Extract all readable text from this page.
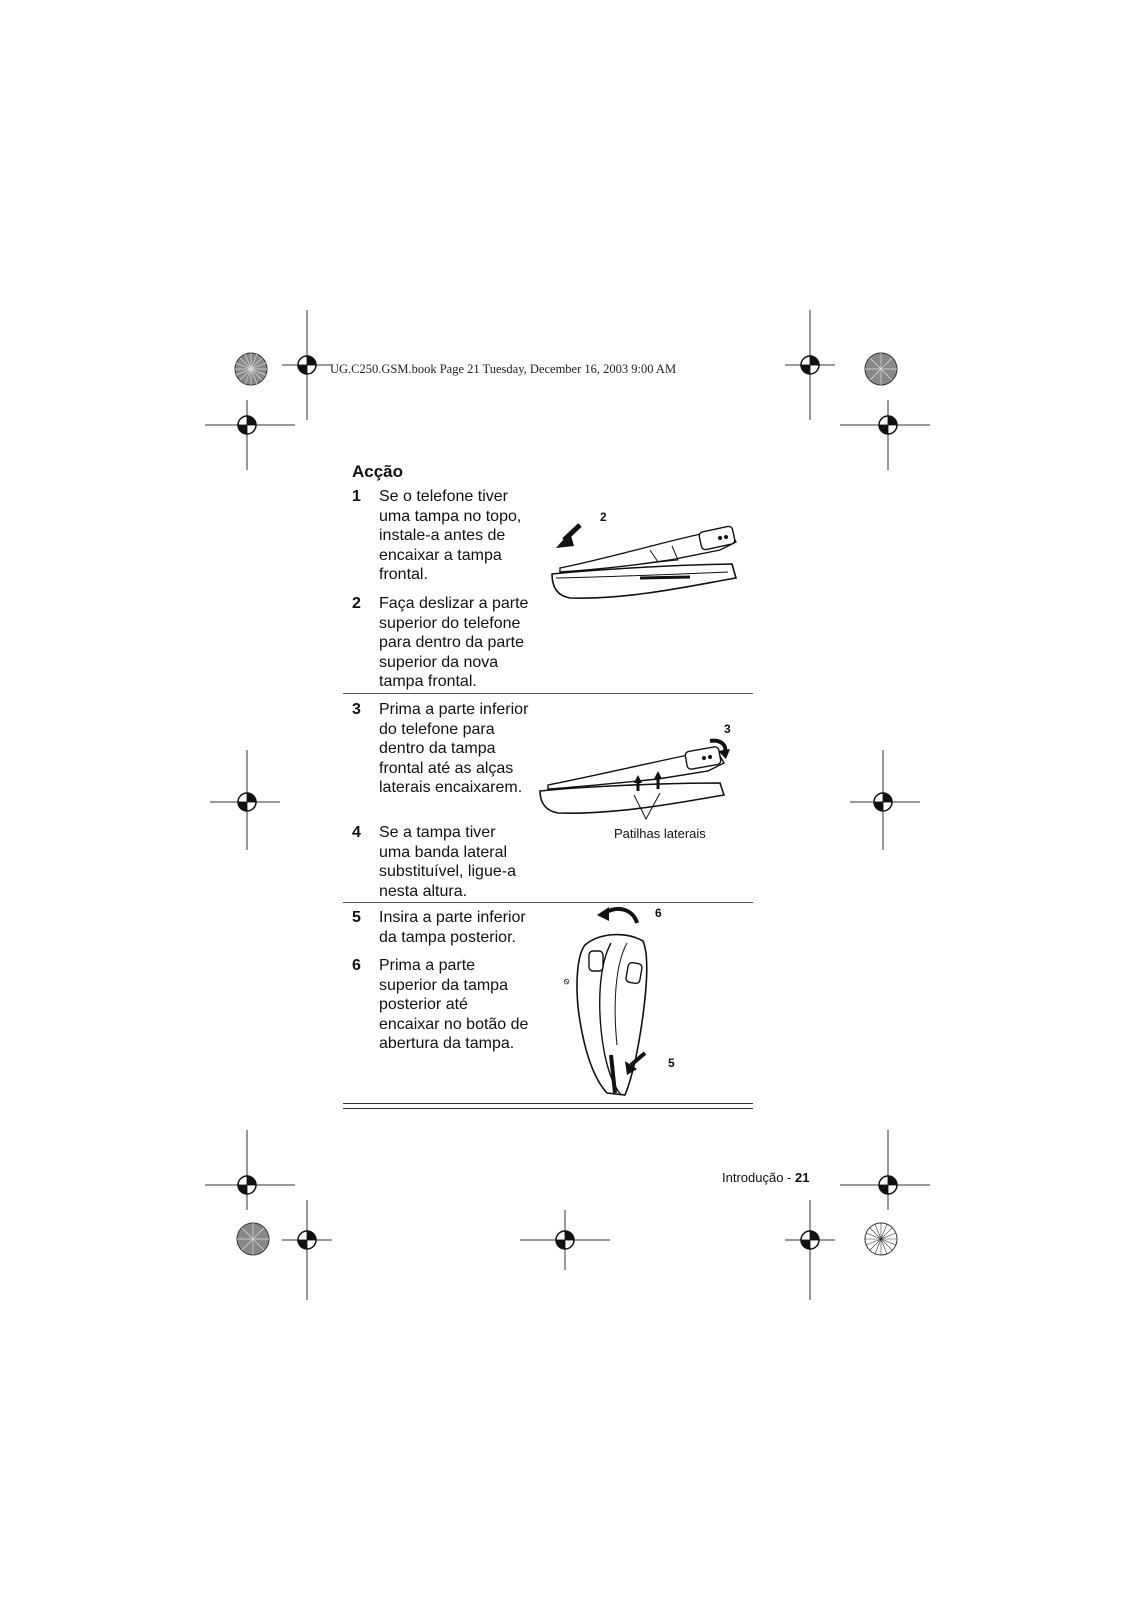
UG.C250.GSM.book Page 21 Tuesday, December 16, 2003 9:00 AM
Acção
1	Se o telefone tiver uma tampa no topo, instale-a antes de encaixar a tampa frontal.
2	Faça deslizar a parte superior do telefone para dentro da parte superior da nova tampa frontal.
3	Prima a parte inferior do telefone para dentro da tampa frontal até as alças laterais encaixarem.
4	Se a tampa tiver uma banda lateral substituível, ligue-a nesta altura.
5	Insira a parte inferior da tampa posterior.
6	Prima a parte superior da tampa posterior até encaixar no botão de abertura da tampa.
2
3
Patilhas laterais
6
5
⊘
Introdução - 21
